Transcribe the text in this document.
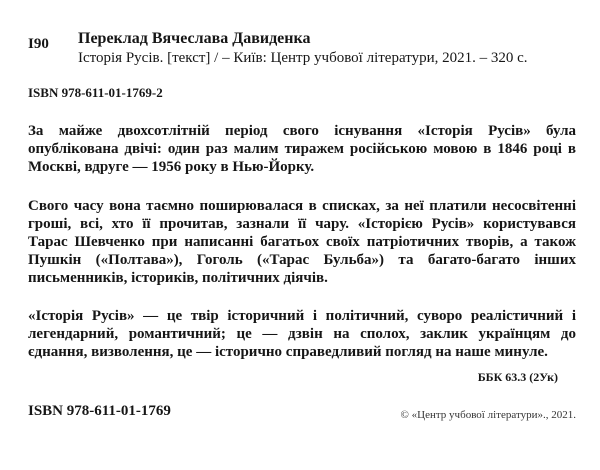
І90 Переклад Вячеслава Давиденка
Історія Русів. [текст] / – Київ: Центр учбової літератури, 2021. – 320 с.
ISBN 978-611-01-1769-2
За майже двохсотлітній період свого існування «Історія Русів» була
опублікована двічі: один раз малим тиражем російською мовою в 1846 році в
Москві, вдруге — 1956 року в Нью-Йорку.
Свого часу вона таємно поширювалася в списках, за неї платили несосвітенні
гроші, всі, хто її прочитав, зазнали її чару. «Історією Русів» користувався
Тарас Шевченко при написанні багатьох своїх патріотичних творів, а також
Пушкін («Полтава»), Гоголь («Тарас Бульба») та багато-багато інших
письменників, істориків, політичних діячів.
«Історія Русів» — це твір історичний і політичний, суворо реалістичний і
легендарний, романтичний; це — дзвін на сполох, заклик українцям до
єднання, визволення, це — історично справедливий погляд на наше минуле.
ББК 63.3 (2Ук)
ISBN 978-611-01-1769	© «Центр учбової літератури»., 2021.
